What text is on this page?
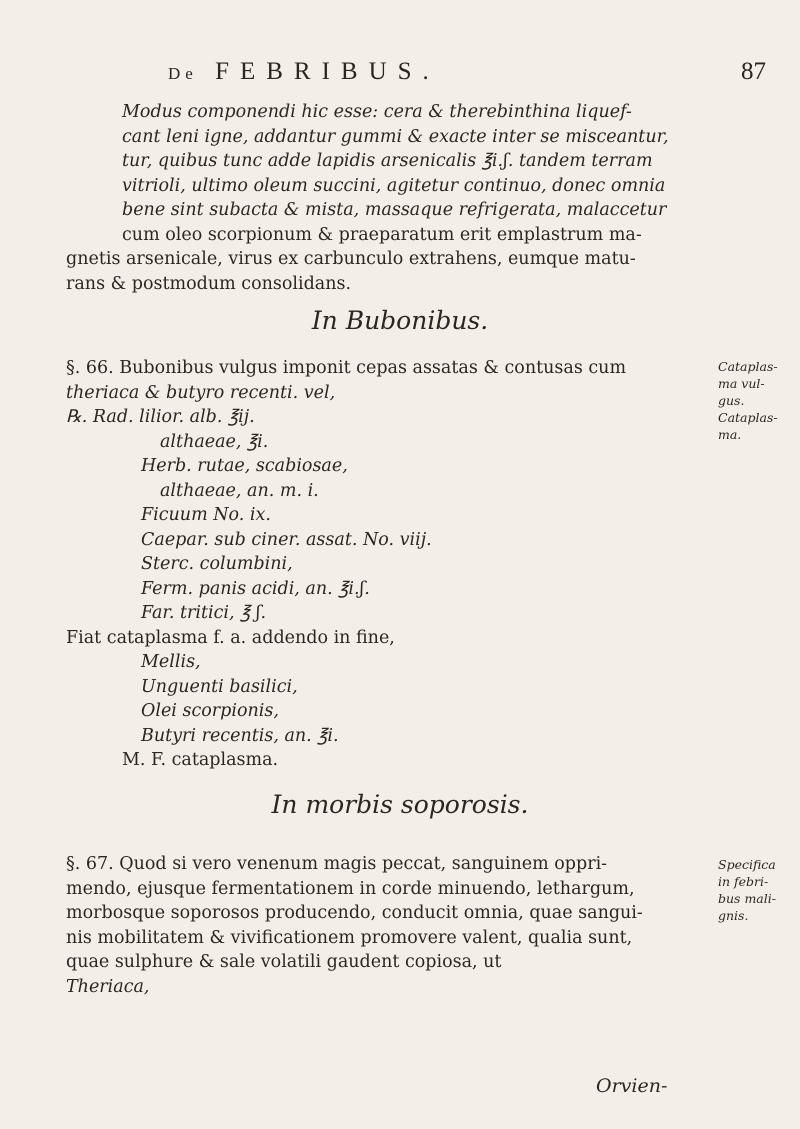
De FEBRIBUS.	87
Modus componendi hic esse: cera & therebinthina liquef-
cant leni igne, addantur gummi & exacte inter se misceantur,
tur, quibus tunc adde lapidis arsenicalis ℥i.ʃ. tandem terram
vitrioli, ultimo oleum succini, agitetur continuo, donec omnia
bene sint subacta & mista, massaque refrigerata, malaccetur
cum oleo scorpionum & praeparatum erit emplastrum ma-
gnetis arsenicale, virus ex carbunculo extrahens, eumque matu-
rans & postmodum consolidans.
In Bubonibus.
§. 66. Bubonibus vulgus imponit cepas assatas & contusas cum
theriaca & butyro recenti. vel,
℞. Rad. lilior. alb. ℥ij.
althaeae, ℥i.
Herb. rutae, scabiosae,
althaeae, an. m. i.
Ficuum No. ix.
Caepar. sub ciner. assat. No. viij.
Sterc. columbini,
Ferm. panis acidi, an. ℥i.ʃ.
Far. tritici, ℥ ʃ.
Fiat cataplasma f. a. addendo in fine,
Mellis,
Unguenti basilici,
Olei scorpionis,
Butyri recentis, an. ℥i.
M. F. cataplasma.
Cataplas-
ma vul-
gus.
Cataplas-
ma.
In morbis soporosis.
§. 67. Quod si vero venenum magis peccat, sanguinem oppri-
mendo, ejusque fermentationem in corde minuendo, lethargum,
morbosque soporosos producendo, conducit omnia, quae sangui-
nis mobilitatem & vivificationem promovere valent, qualia sunt,
quae sulphure & sale volatili gaudent copiosa, ut
Theriaca,
Specifica
in febri-
bus mali-
gnis.
Orvien-
